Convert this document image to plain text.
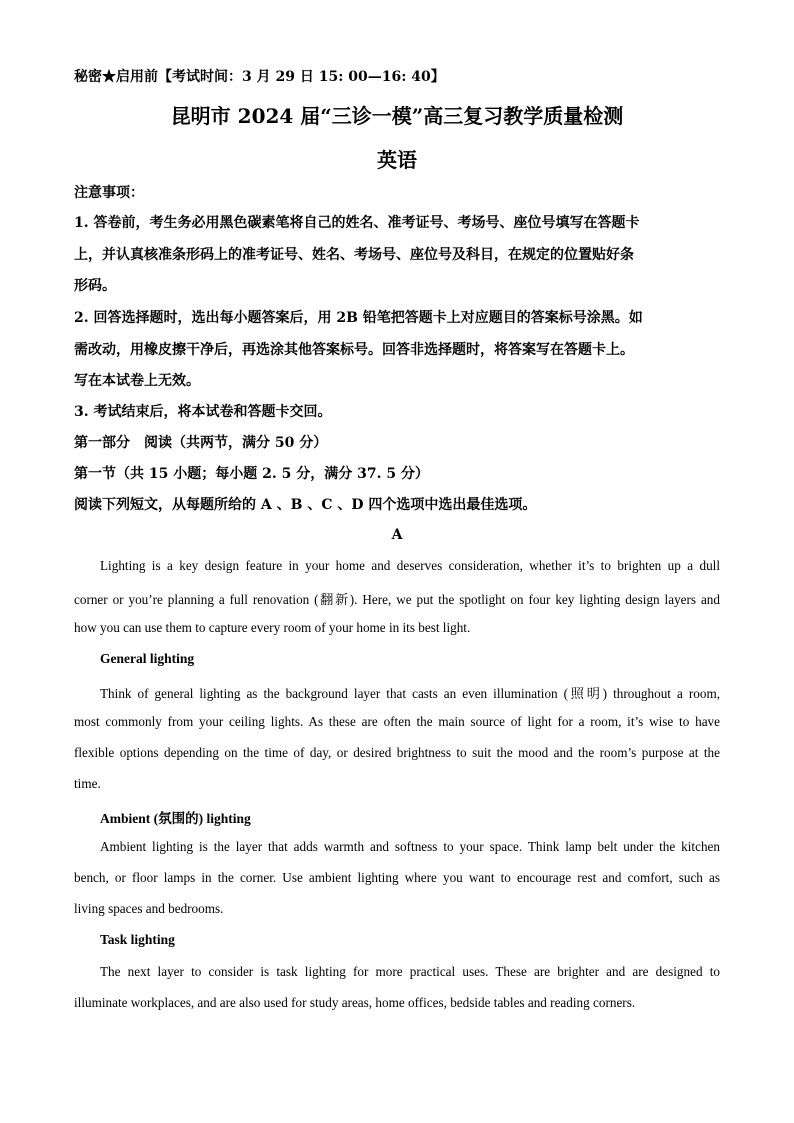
秘密★启用前【考试时间：3 月 29 日 15: 00—16: 40】
昆明市 2024 届“三诊一模”高三复习教学质量检测
英语
注意事项：
1. 答卷前，考生务必用黑色碳素笔将自己的姓名、准考证号、考场号、座位号填写在答题卡
上，并认真核准条形码上的准考证号、姓名、考场号、座位号及科目，在规定的位置贴好条
形码。
2. 回答选择题时，选出每小题答案后，用 2B 铅笔把答题卡上对应题目的答案标号涂黑。如
需改动，用橡皮擦干净后，再选涂其他答案标号。回答非选择题时，将答案写在答题卡上。
写在本试卷上无效。
3. 考试结束后，将本试卷和答题卡交回。
第一部分　阅读（共两节，满分 50 分）
第一节（共 15 小题；每小题 2. 5 分，满分 37. 5 分）
阅读下列短文，从每题所给的 A 、B 、C 、D 四个选项中选出最佳选项。
A
Lighting is a key design feature in your home and deserves consideration, whether it’s to brighten up a dull
corner or you’re planning a full renovation (翻新). Here, we put the spotlight on four key lighting design layers and
how you can use them to capture every room of your home in its best light.
General lighting
Think of general lighting as the background layer that casts an even illumination (照明) throughout a room,
most commonly from your ceiling lights. As these are often the main source of light for a room, it’s wise to have
flexible options depending on the time of day, or desired brightness to suit the mood and the room’s purpose at the
time.
Ambient (氛围的) lighting
Ambient lighting is the layer that adds warmth and softness to your space. Think lamp belt under the kitchen
bench, or floor lamps in the corner. Use ambient lighting where you want to encourage rest and comfort, such as
living spaces and bedrooms.
Task lighting
The next layer to consider is task lighting for more practical uses. These are brighter and are designed to
illuminate workplaces, and are also used for study areas, home offices, bedside tables and reading corners.
